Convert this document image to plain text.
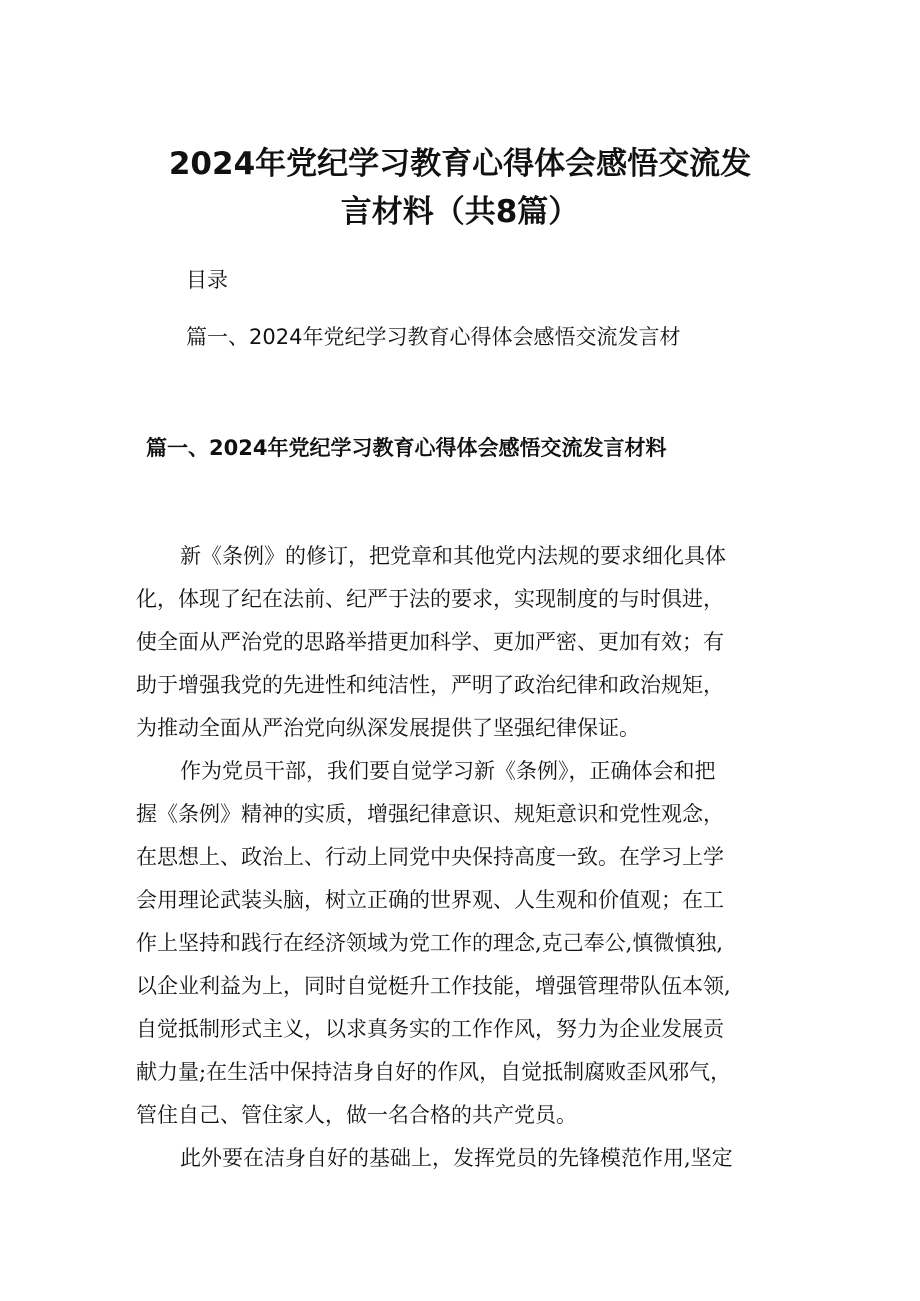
2024年党纪学习教育心得体会感悟交流发
言材料（共8篇）

目录

篇一、2024年党纪学习教育心得体会感悟交流发言材

篇一、2024年党纪学习教育心得体会感悟交流发言材料
新《条例》的修订，把党章和其他党内法规的要求细化具体
化，体现了纪在法前、纪严于法的要求，实现制度的与时俱进，
使全面从严治党的思路举措更加科学、更加严密、更加有效；有
助于增强我党的先进性和纯洁性，严明了政治纪律和政治规矩，
为推动全面从严治党向纵深发展提供了坚强纪律保证。
作为党员干部，我们要自觉学习新《条例》，正确体会和把
握《条例》精神的实质，增强纪律意识、规矩意识和党性观念，
在思想上、政治上、行动上同党中央保持高度一致。在学习上学
会用理论武装头脑，树立正确的世界观、人生观和价值观；在工
作上坚持和践行在经济领域为党工作的理念,克己奉公,慎微慎独,
以企业利益为上，同时自觉梃升工作技能，增强管理带队伍本领,
自觉抵制形式主义，以求真务实的工作作风，努力为企业发展贡
献力量;在生活中保持洁身自好的作风，自觉抵制腐败歪风邪气，
管住自己、管住家人，做一名合格的共产党员。
此外要在洁身自好的基础上，发挥党员的先锋模范作用,坚定
